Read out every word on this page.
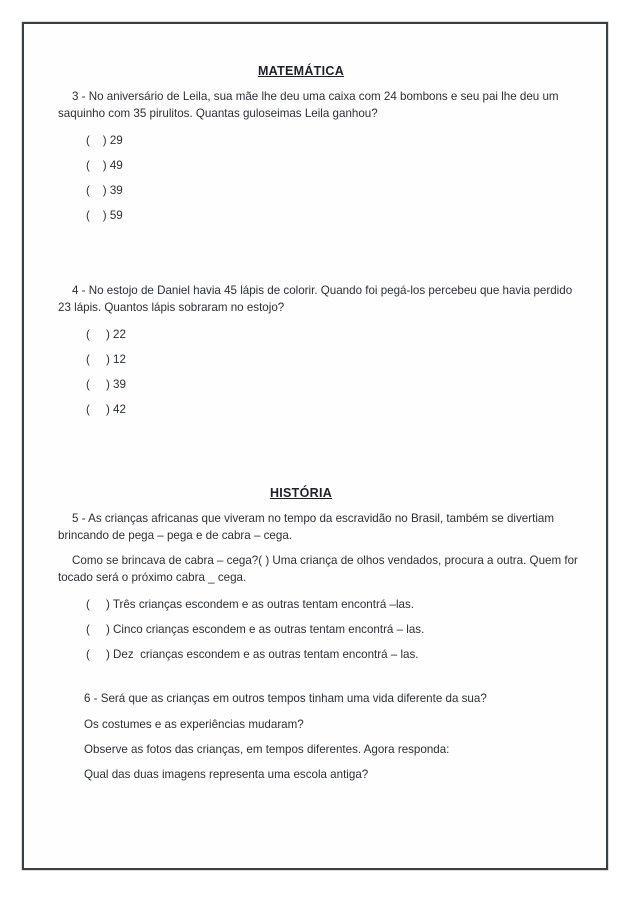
MATEMÁTICA

3 - No aniversário de Leila, sua mãe lhe deu uma caixa com 24 bombons e seu pai lhe deu um saquinho com 35 pirulitos. Quantas guloseimas Leila ganhou?

(    ) 29

(    ) 49

(    ) 39

(    ) 59

4 - No estojo de Daniel havia 45 lápis de colorir. Quando foi pegá-los percebeu que havia perdido 23 lápis. Quantos lápis sobraram no estojo?

(     ) 22

(     ) 12

(     ) 39

(     ) 42

HISTÓRIA

5 - As crianças africanas que viveram no tempo da escravidão no Brasil, também se divertiam brincando de pega – pega e de cabra – cega.

Como se brincava de cabra – cega?( ) Uma criança de olhos vendados, procura a outra. Quem for tocado será o próximo cabra _ cega.

(     ) Três crianças escondem e as outras tentam encontrá –las.

(     ) Cinco crianças escondem e as outras tentam encontrá – las.

(     ) Dez  crianças escondem e as outras tentam encontrá – las.

6 - Será que as crianças em outros tempos tinham uma vida diferente da sua?

Os costumes e as experiências mudaram?

Observe as fotos das crianças, em tempos diferentes. Agora responda:

Qual das duas imagens representa uma escola antiga?
